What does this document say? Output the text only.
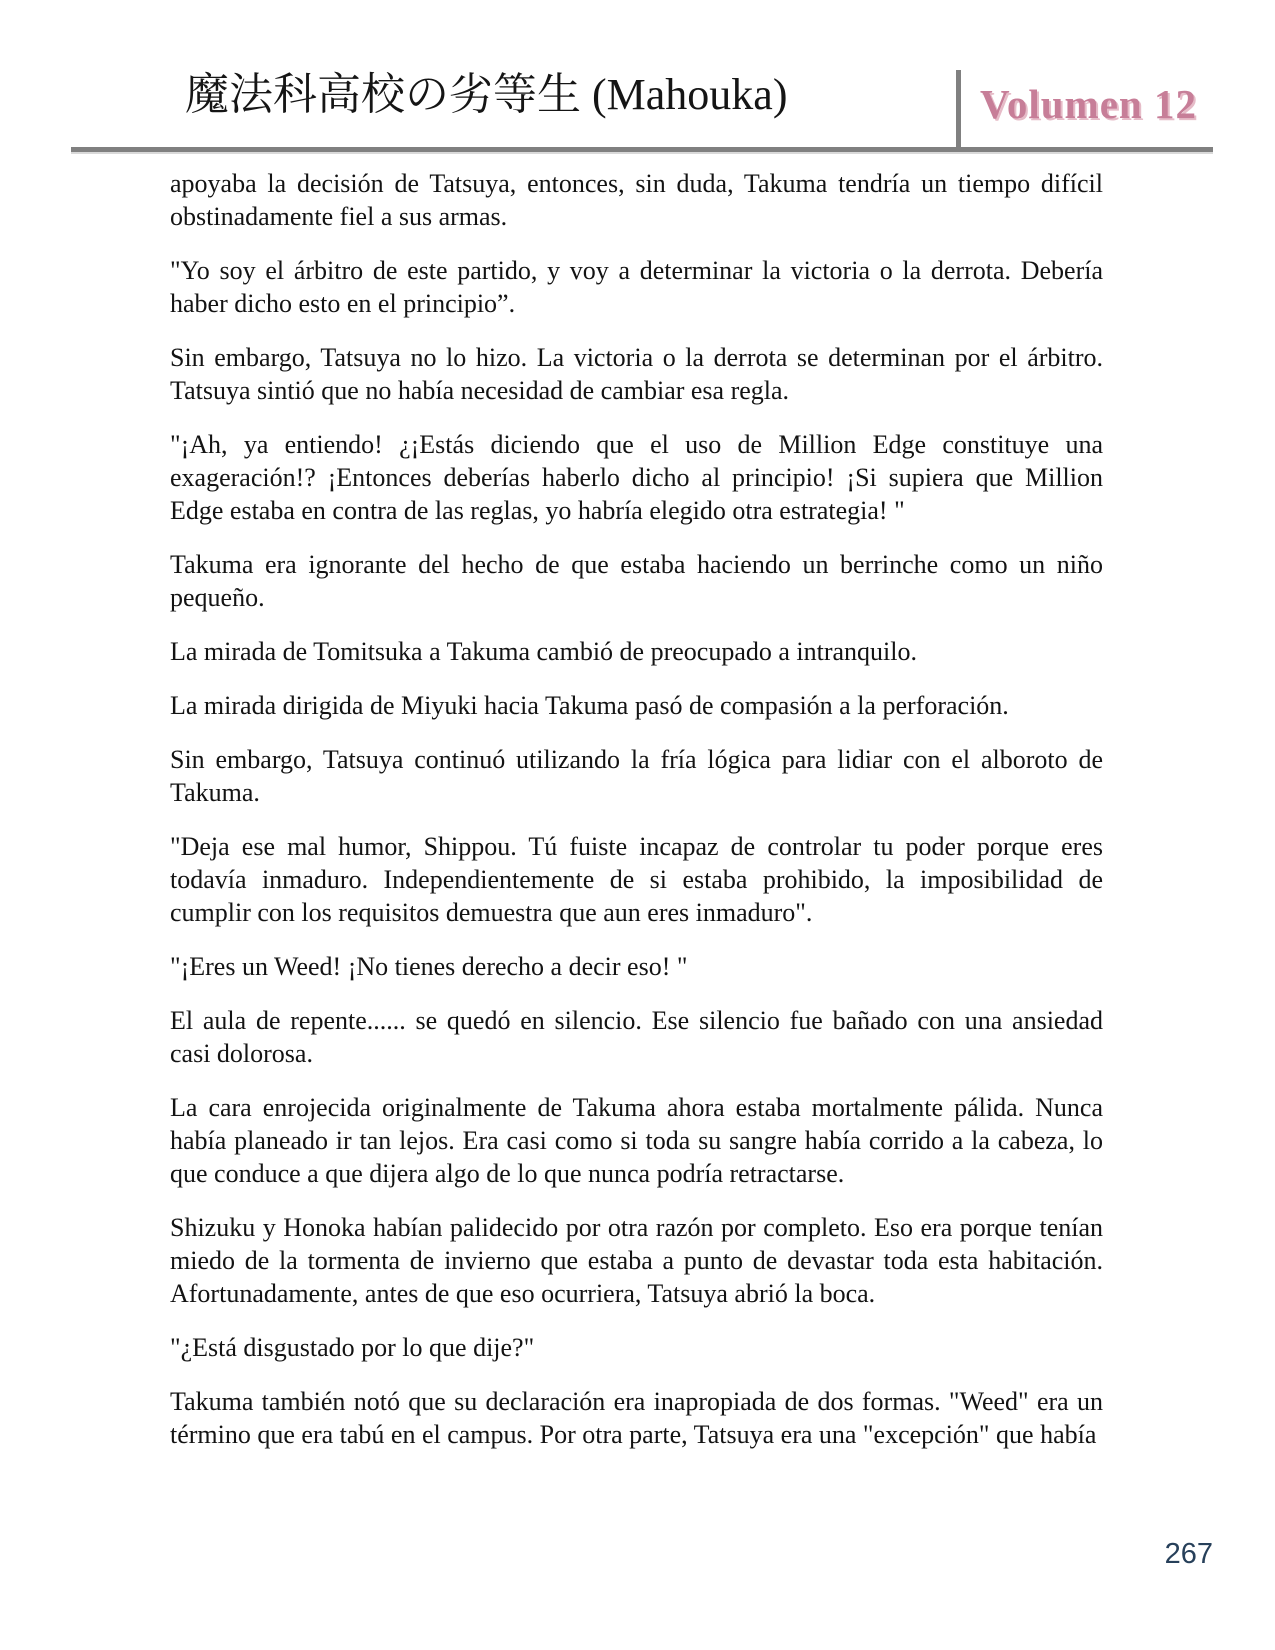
魔法科高校の劣等生 (Mahouka)	Volumen 12

apoyaba la decisión de Tatsuya, entonces, sin duda, Takuma tendría un tiempo difícil obstinadamente fiel a sus armas.

"Yo soy el árbitro de este partido, y voy a determinar la victoria o la derrota. Debería haber dicho esto en el principio”.

Sin embargo, Tatsuya no lo hizo. La victoria o la derrota se determinan por el árbitro. Tatsuya sintió que no había necesidad de cambiar esa regla.

"¡Ah, ya entiendo! ¿¡Estás diciendo que el uso de Million Edge constituye una exageración!? ¡Entonces deberías haberlo dicho al principio! ¡Si supiera que Million Edge estaba en contra de las reglas, yo habría elegido otra estrategia! "

Takuma era ignorante del hecho de que estaba haciendo un berrinche como un niño pequeño.

La mirada de Tomitsuka a Takuma cambió de preocupado a intranquilo.

La mirada dirigida de Miyuki hacia Takuma pasó de compasión a la perforación.

Sin embargo, Tatsuya continuó utilizando la fría lógica para lidiar con el alboroto de Takuma.

"Deja ese mal humor, Shippou. Tú fuiste incapaz de controlar tu poder porque eres todavía inmaduro. Independientemente de si estaba prohibido, la imposibilidad de cumplir con los requisitos demuestra que aun eres inmaduro".

"¡Eres un Weed! ¡No tienes derecho a decir eso! "

El aula de repente...... se quedó en silencio. Ese silencio fue bañado con una ansiedad casi dolorosa.

La cara enrojecida originalmente de Takuma ahora estaba mortalmente pálida. Nunca había planeado ir tan lejos. Era casi como si toda su sangre había corrido a la cabeza, lo que conduce a que dijera algo de lo que nunca podría retractarse.

Shizuku y Honoka habían palidecido por otra razón por completo. Eso era porque tenían miedo de la tormenta de invierno que estaba a punto de devastar toda esta habitación. Afortunadamente, antes de que eso ocurriera, Tatsuya abrió la boca.

"¿Está disgustado por lo que dije?"

Takuma también notó que su declaración era inapropiada de dos formas. "Weed" era un término que era tabú en el campus. Por otra parte, Tatsuya era una "excepción" que había

267
